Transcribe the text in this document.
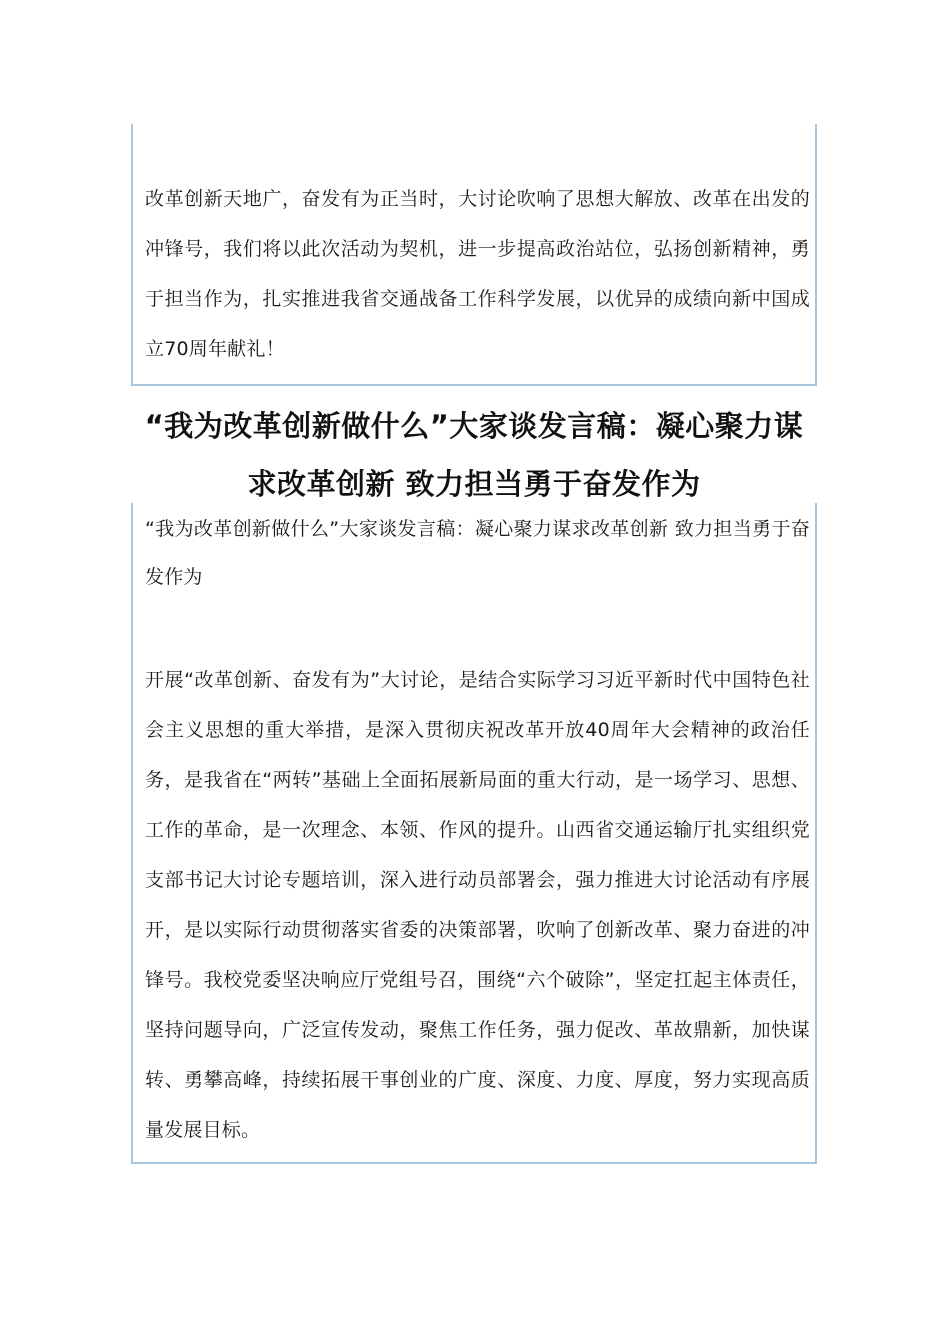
改革创新天地广，奋发有为正当时，大讨论吹响了思想大解放、改革在出发的冲锋号，我们将以此次活动为契机，进一步提高政治站位，弘扬创新精神，勇于担当作为，扎实推进我省交通战备工作科学发展，以优异的成绩向新中国成立70周年献礼！

“我为改革创新做什么”大家谈发言稿：凝心聚力谋
求改革创新 致力担当勇于奋发作为

“我为改革创新做什么”大家谈发言稿：凝心聚力谋求改革创新 致力担当勇于奋发作为

开展“改革创新、奋发有为”大讨论，是结合实际学习习近平新时代中国特色社会主义思想的重大举措，是深入贯彻庆祝改革开放40周年大会精神的政治任务，是我省在“两转”基础上全面拓展新局面的重大行动，是一场学习、思想、工作的革命，是一次理念、本领、作风的提升。山西省交通运输厅扎实组织党支部书记大讨论专题培训，深入进行动员部署会，强力推进大讨论活动有序展开，是以实际行动贯彻落实省委的决策部署，吹响了创新改革、聚力奋进的冲锋号。我校党委坚决响应厅党组号召，围绕“六个破除”，坚定扛起主体责任，坚持问题导向，广泛宣传发动，聚焦工作任务，强力促改、革故鼎新，加快谋转、勇攀高峰，持续拓展干事创业的广度、深度、力度、厚度，努力实现高质量发展目标。
